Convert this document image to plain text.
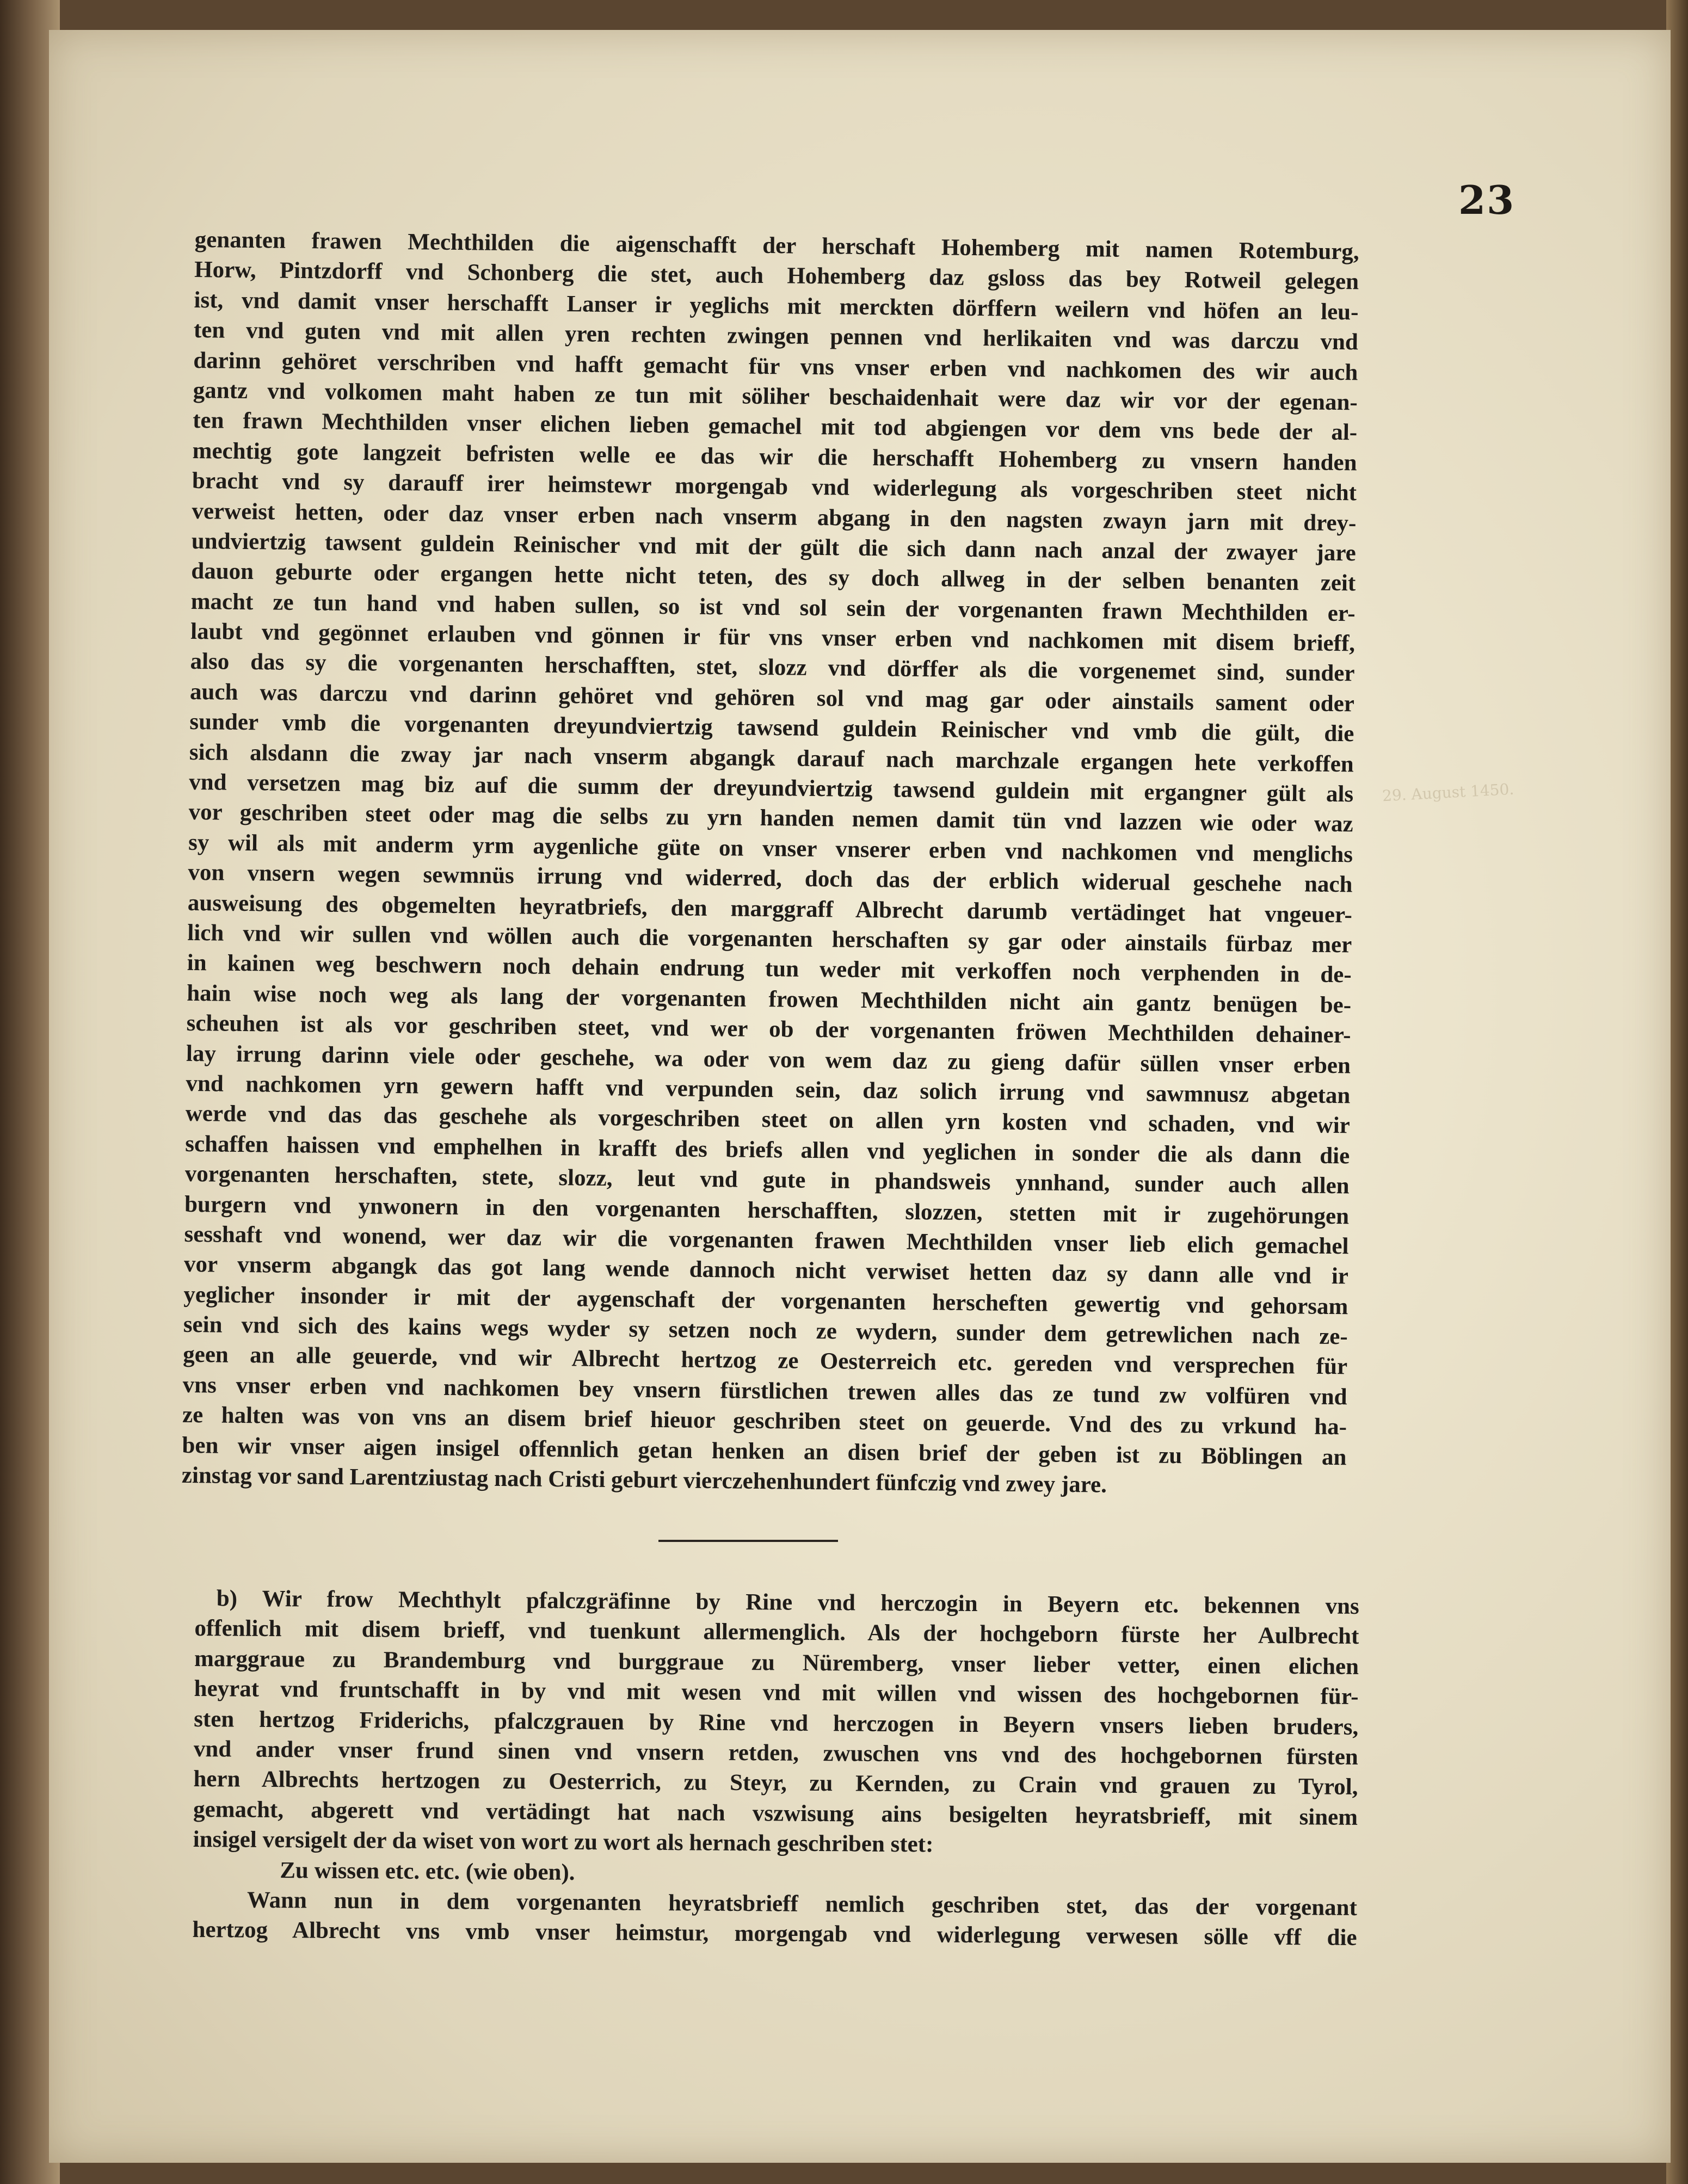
23
29. August 1450.
genanten frawen Mechthilden die aigenschafft der herschaft Hohemberg mit namen Rotemburg,
Horw, Pintzdorff vnd Schonberg die stet, auch Hohemberg daz gsloss das bey Rotweil gelegen
ist, vnd damit vnser herschafft Lanser ir yeglichs mit merckten dörffern weilern vnd höfen an leu-
ten vnd guten vnd mit allen yren rechten zwingen pennen vnd herlikaiten vnd was darczu vnd
darinn gehöret verschriben vnd hafft gemacht für vns vnser erben vnd nachkomen des wir auch
gantz vnd volkomen maht haben ze tun mit söliher beschaidenhait were daz wir vor der egenan-
ten frawn Mechthilden vnser elichen lieben gemachel mit tod abgiengen vor dem vns bede der al-
mechtig gote langzeit befristen welle ee das wir die herschafft Hohemberg zu vnsern handen
bracht vnd sy darauff irer heimstewr morgengab vnd widerlegung als vorgeschriben steet nicht
verweist hetten, oder daz vnser erben nach vnserm abgang in den nagsten zwayn jarn mit drey-
undviertzig tawsent guldein Reinischer vnd mit der gült die sich dann nach anzal der zwayer jare
dauon geburte oder ergangen hette nicht teten, des sy doch allweg in der selben benanten zeit
macht ze tun hand vnd haben sullen, so ist vnd sol sein der vorgenanten frawn Mechthilden er-
laubt vnd gegönnet erlauben vnd gönnen ir für vns vnser erben vnd nachkomen mit disem brieff,
also das sy die vorgenanten herschafften, stet, slozz vnd dörffer als die vorgenemet sind, sunder
auch was darczu vnd darinn gehöret vnd gehören sol vnd mag gar oder ainstails sament oder
sunder vmb die vorgenanten dreyundviertzig tawsend guldein Reinischer vnd vmb die gült, die
sich alsdann die zway jar nach vnserm abgangk darauf nach marchzale ergangen hete verkoffen
vnd versetzen mag biz auf die summ der dreyundviertzig tawsend guldein mit ergangner gült als
vor geschriben steet oder mag die selbs zu yrn handen nemen damit tün vnd lazzen wie oder waz
sy wil als mit anderm yrm aygenliche güte on vnser vnserer erben vnd nachkomen vnd menglichs
von vnsern wegen sewmnüs irrung vnd widerred, doch das der erblich widerual geschehe nach
ausweisung des obgemelten heyratbriefs, den marggraff Albrecht darumb vertädinget hat vngeuer-
lich vnd wir sullen vnd wöllen auch die vorgenanten herschaften sy gar oder ainstails fürbaz mer
in kainen weg beschwern noch dehain endrung tun weder mit verkoffen noch verphenden in de-
hain wise noch weg als lang der vorgenanten frowen Mechthilden nicht ain gantz benügen be-
scheuhen ist als vor geschriben steet, vnd wer ob der vorgenanten fröwen Mechthilden dehainer-
lay irrung darinn viele oder geschehe, wa oder von wem daz zu gieng dafür süllen vnser erben
vnd nachkomen yrn gewern hafft vnd verpunden sein, daz solich irrung vnd sawmnusz abgetan
werde vnd das das geschehe als vorgeschriben steet on allen yrn kosten vnd schaden, vnd wir
schaffen haissen vnd emphelhen in krafft des briefs allen vnd yeglichen in sonder die als dann die
vorgenanten herschaften, stete, slozz, leut vnd gute in phandsweis ynnhand, sunder auch allen
burgern vnd ynwonern in den vorgenanten herschafften, slozzen, stetten mit ir zugehörungen
sesshaft vnd wonend, wer daz wir die vorgenanten frawen Mechthilden vnser lieb elich gemachel
vor vnserm abgangk das got lang wende dannoch nicht verwiset hetten daz sy dann alle vnd ir
yeglicher insonder ir mit der aygenschaft der vorgenanten herscheften gewertig vnd gehorsam
sein vnd sich des kains wegs wyder sy setzen noch ze wydern, sunder dem getrewlichen nach ze-
geen an alle geuerde, vnd wir Albrecht hertzog ze Oesterreich etc. gereden vnd versprechen für
vns vnser erben vnd nachkomen bey vnsern fürstlichen trewen alles das ze tund zw volfüren vnd
ze halten was von vns an disem brief hieuor geschriben steet on geuerde. Vnd des zu vrkund ha-
ben wir vnser aigen insigel offennlich getan henken an disen brief der geben ist zu Böblingen an
zinstag vor sand Larentziustag nach Cristi geburt vierczehenhundert fünfczig vnd zwey jare.
b) Wir frow Mechthylt pfalczgräfinne by Rine vnd herczogin in Beyern etc. bekennen vns
offenlich mit disem brieff, vnd tuenkunt allermenglich. Als der hochgeborn fürste her Aulbrecht
marggraue zu Brandemburg vnd burggraue zu Nüremberg, vnser lieber vetter, einen elichen
heyrat vnd fruntschafft in by vnd mit wesen vnd mit willen vnd wissen des hochgebornen für-
sten hertzog Friderichs, pfalczgrauen by Rine vnd herczogen in Beyern vnsers lieben bruders,
vnd ander vnser frund sinen vnd vnsern retden, zwuschen vns vnd des hochgebornen fürsten
hern Albrechts hertzogen zu Oesterrich, zu Steyr, zu Kernden, zu Crain vnd grauen zu Tyrol,
gemacht, abgerett vnd vertädingt hat nach vszwisung ains besigelten heyratsbrieff, mit sinem
insigel versigelt der da wiset von wort zu wort als hernach geschriben stet:
Zu wissen etc. etc. (wie oben).
Wann nun in dem vorgenanten heyratsbrieff nemlich geschriben stet, das der vorgenant
hertzog Albrecht vns vmb vnser heimstur, morgengab vnd widerlegung verwesen sölle vff die
